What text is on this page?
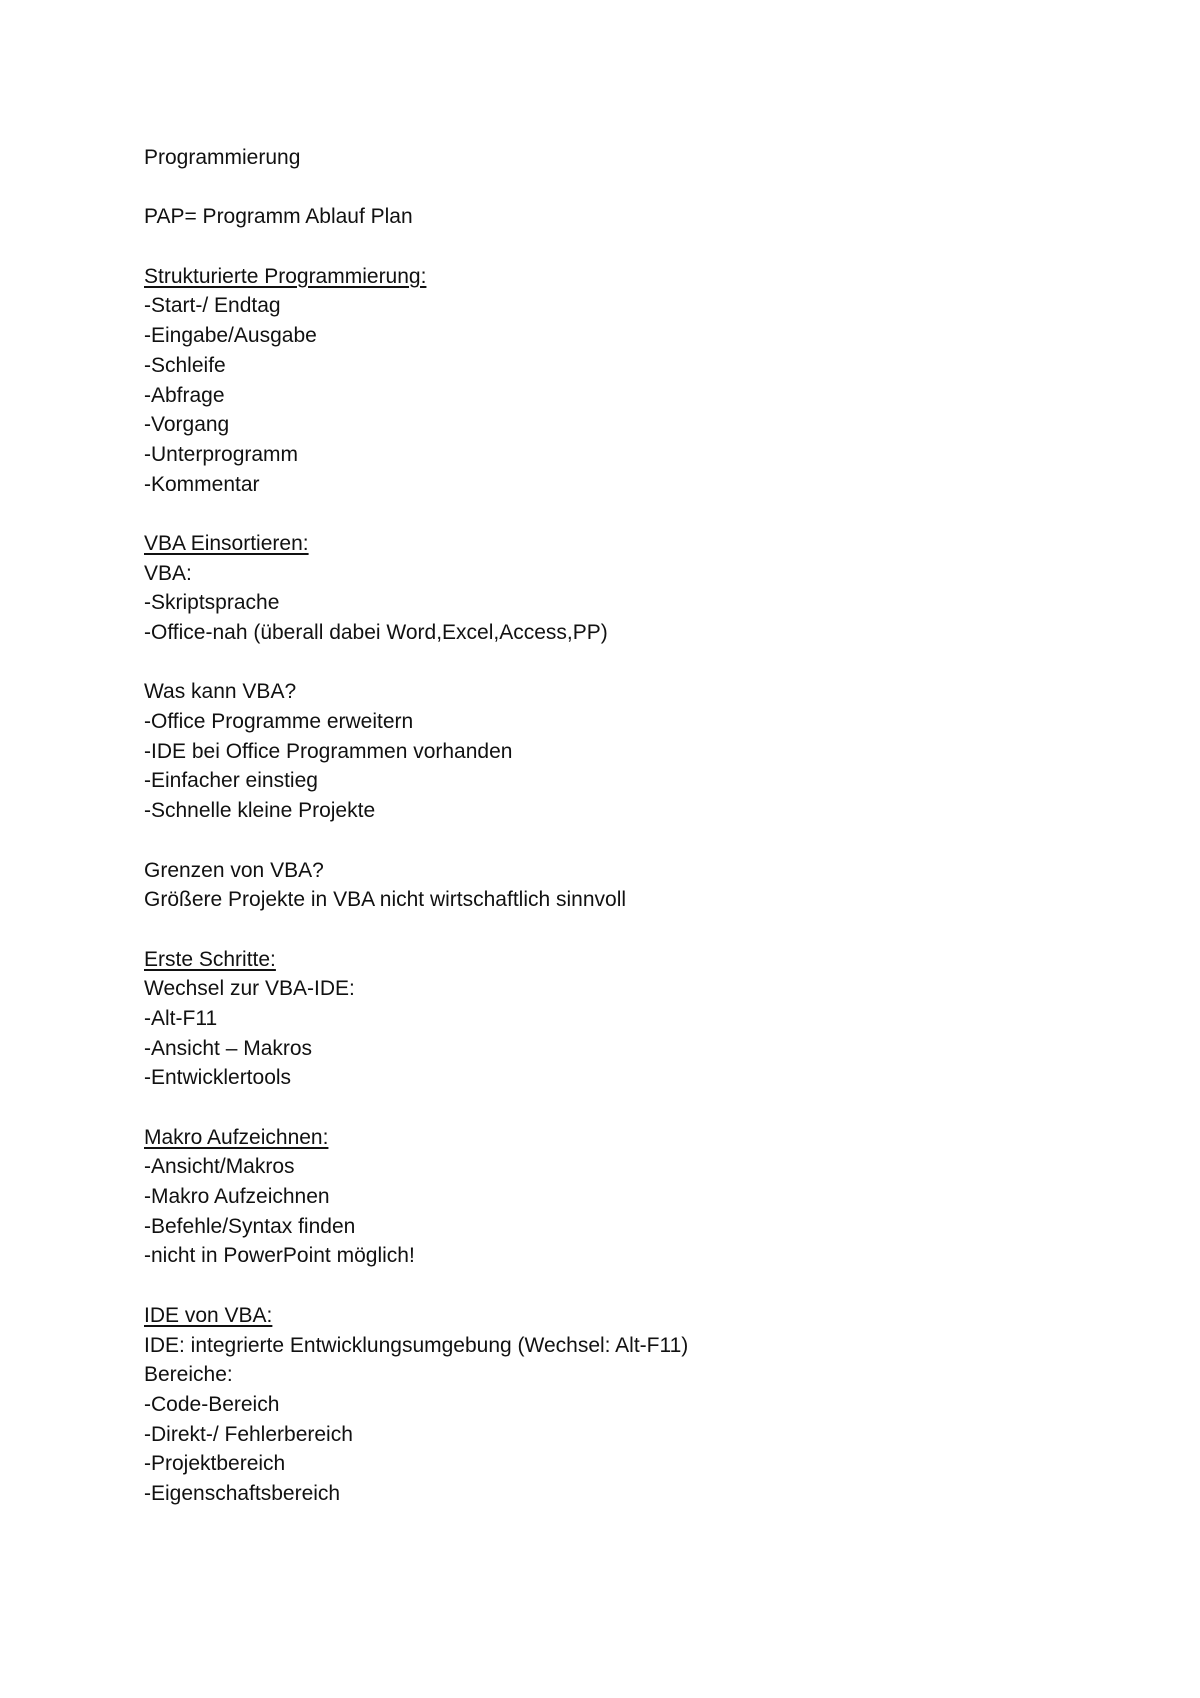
Programmierung
PAP= Programm Ablauf Plan
Strukturierte Programmierung:
-Start-/ Endtag
-Eingabe/Ausgabe
-Schleife
-Abfrage
-Vorgang
-Unterprogramm
-Kommentar
VBA Einsortieren:
VBA:
-Skriptsprache
-Office-nah (überall dabei Word,Excel,Access,PP)
Was kann VBA?
-Office Programme erweitern
-IDE bei Office Programmen vorhanden
-Einfacher einstieg
-Schnelle kleine Projekte
Grenzen von VBA?
Größere Projekte in VBA nicht wirtschaftlich sinnvoll
Erste Schritte:
Wechsel zur VBA-IDE:
-Alt-F11
-Ansicht – Makros
-Entwicklertools
Makro Aufzeichnen:
-Ansicht/Makros
-Makro Aufzeichnen
-Befehle/Syntax finden
-nicht in PowerPoint möglich!
IDE von VBA:
IDE: integrierte Entwicklungsumgebung (Wechsel: Alt-F11)
Bereiche:
-Code-Bereich
-Direkt-/ Fehlerbereich
-Projektbereich
-Eigenschaftsbereich
